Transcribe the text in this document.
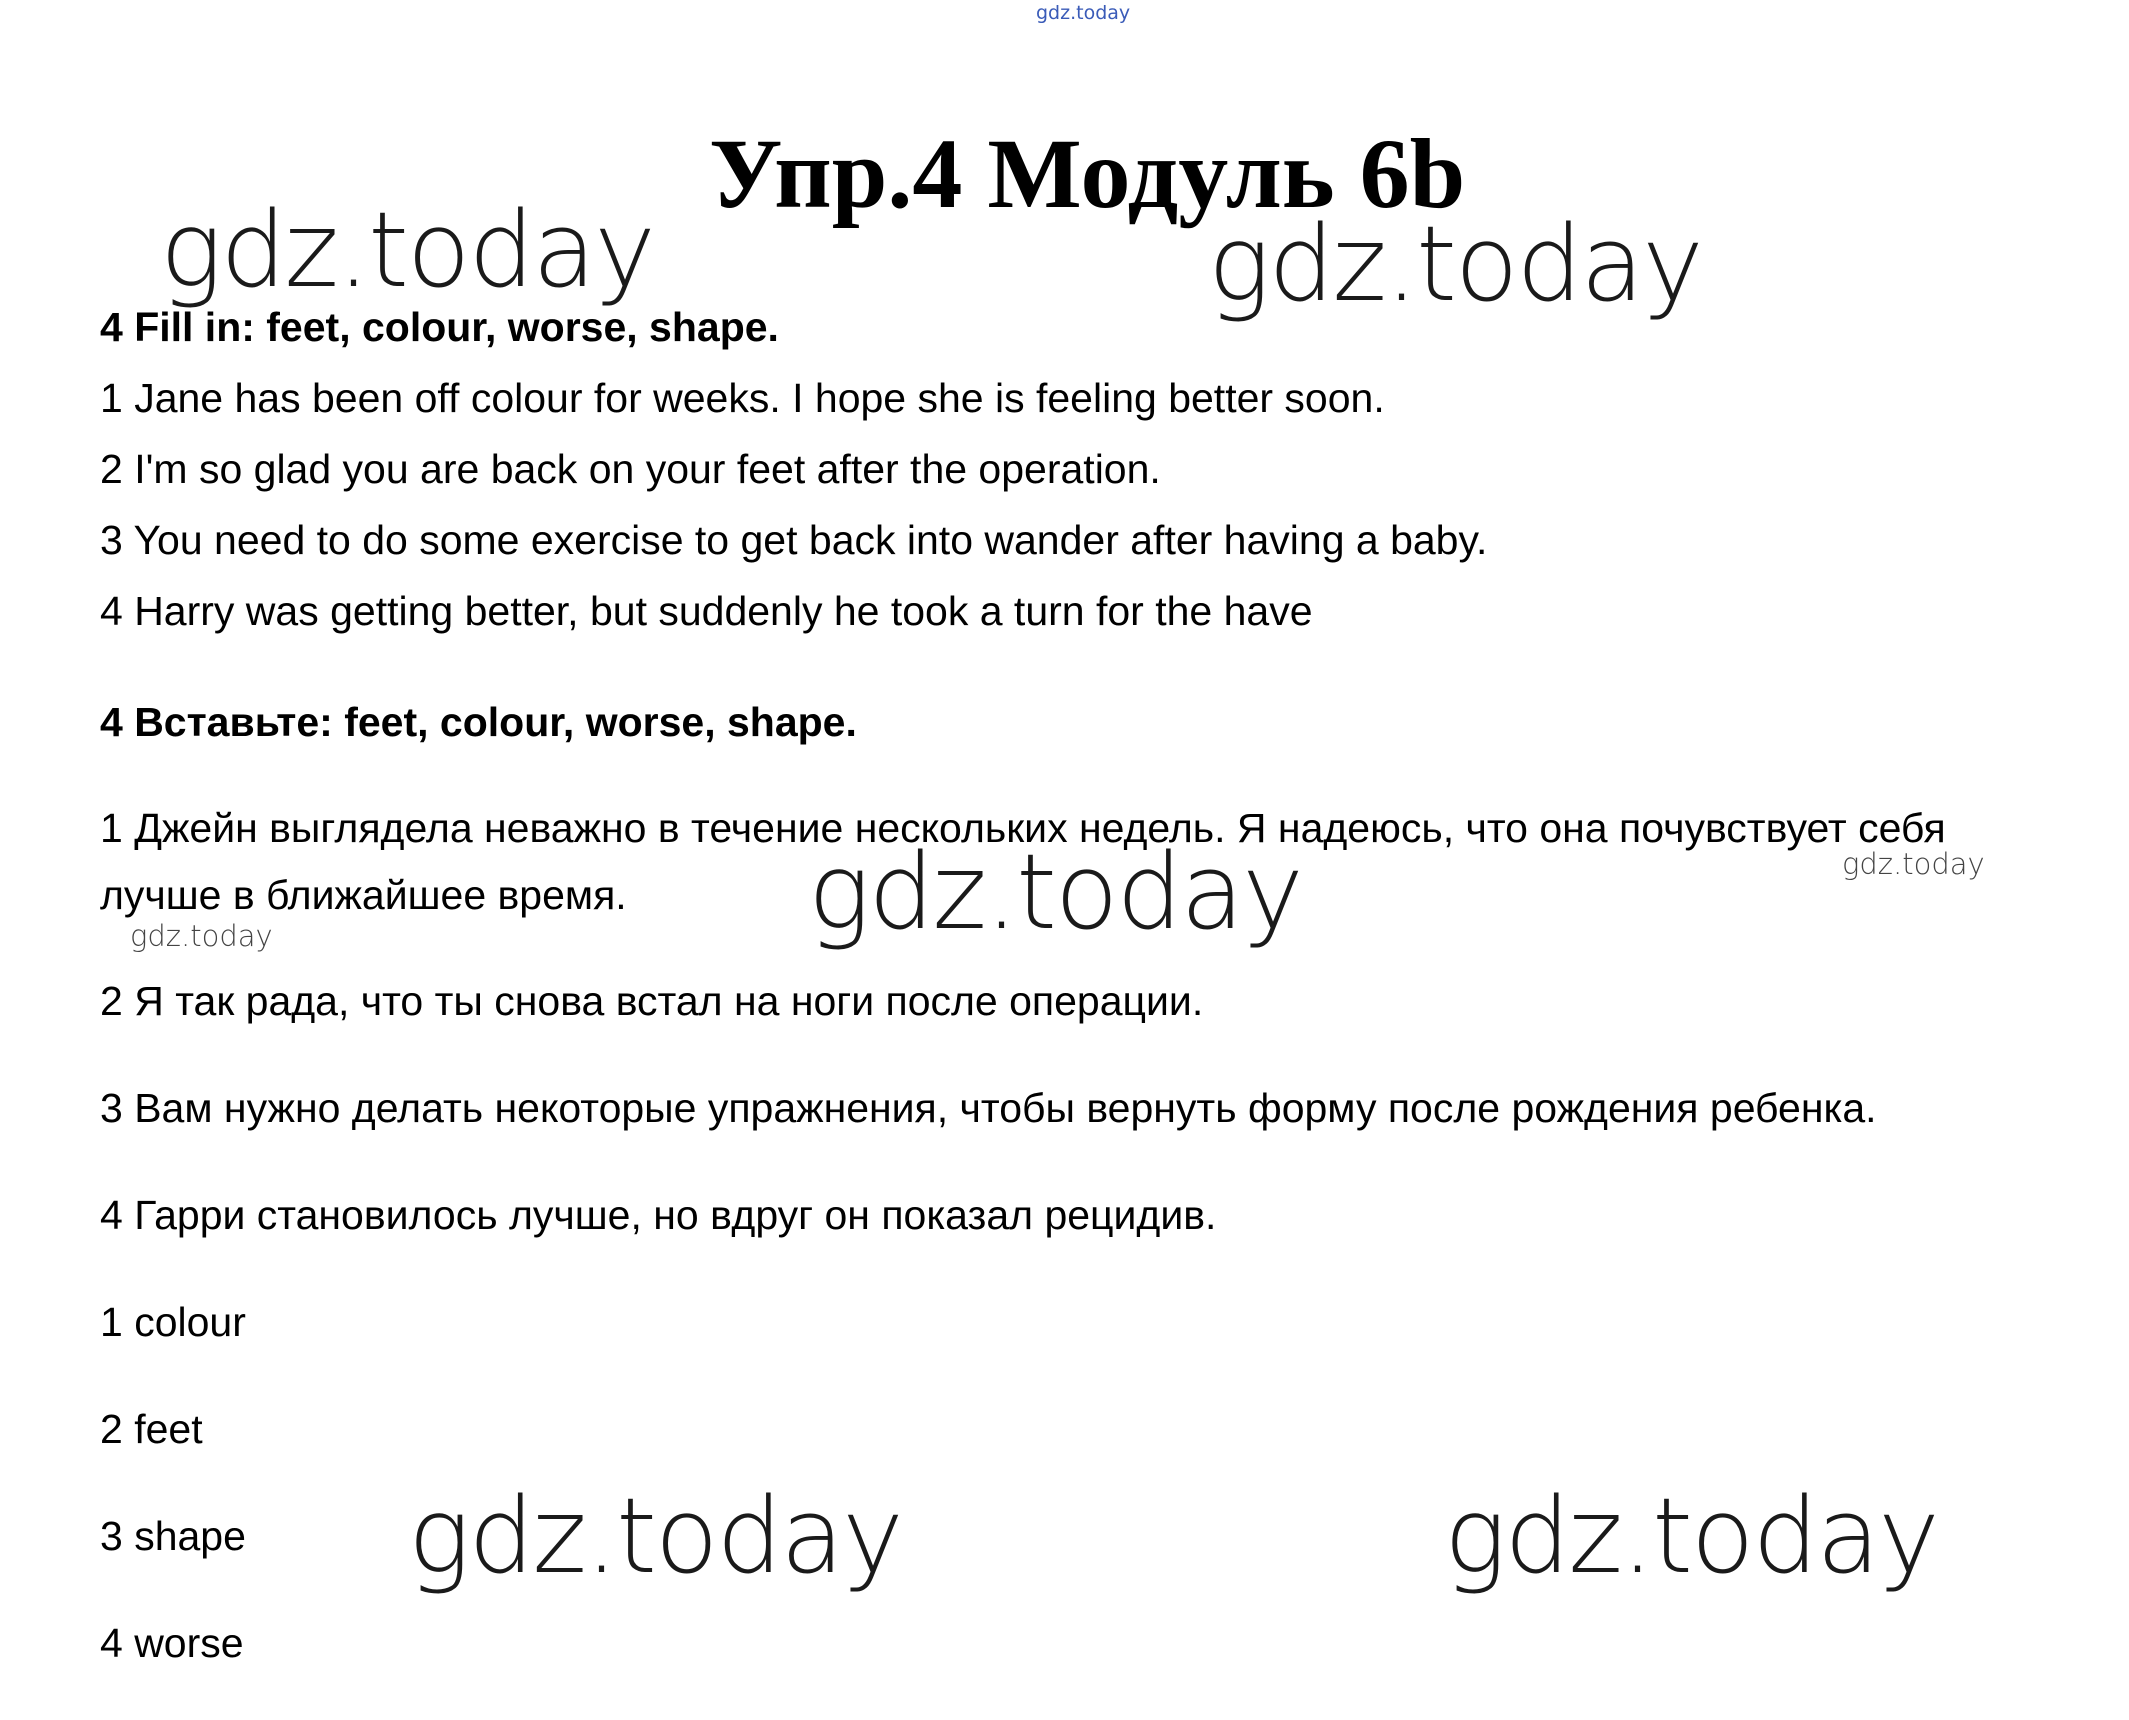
gdz.today
Упр.4 Модуль 6b
gdz.today	gdz.today
gdz.today
gdz.today	gdz.today
gdz.today
gdz.today
4 Fill in: feet, colour, worse, shape.
1 Jane has been off colour for weeks. I hope she is feeling better soon.
2 I'm so glad you are back on your feet after the operation.
3 You need to do some exercise to get back into wander after having a baby.
4 Harry was getting better, but suddenly he took a turn for the have
4 Вставьте: feet, colour, worse, shape.
1 Джейн выглядела неважно в течение нескольких недель. Я надеюсь, что она почувствует себя
лучше в ближайшее время.
2 Я так рада, что ты снова встал на ноги после операции.
3 Вам нужно делать некоторые упражнения, чтобы вернуть форму после рождения ребенка.
4 Гарри становилось лучше, но вдруг он показал рецидив.
1 colour
2 feet
3 shape
4 worse
